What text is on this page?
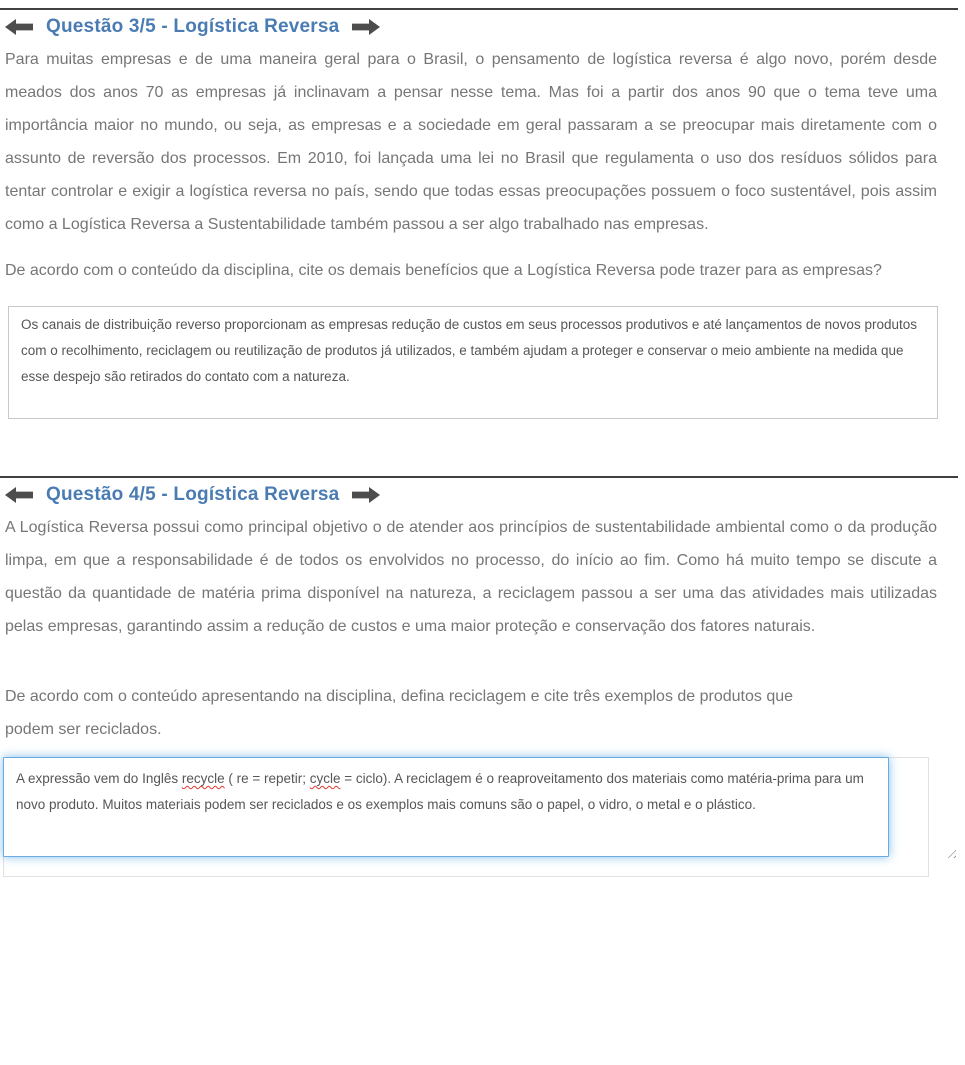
Questão 3/5 - Logística Reversa

Para muitas empresas e de uma maneira geral para o Brasil, o pensamento de logística reversa é algo novo, porém desde meados dos anos 70 as empresas já inclinavam a pensar nesse tema. Mas foi a partir dos anos 90 que o tema teve uma importância maior no mundo, ou seja, as empresas e a sociedade em geral passaram a se preocupar mais diretamente com o assunto de reversão dos processos. Em 2010, foi lançada uma lei no Brasil que regulamenta o uso dos resíduos sólidos para tentar controlar e exigir a logística reversa no país, sendo que todas essas preocupações possuem o foco sustentável, pois assim como a Logística Reversa a Sustentabilidade também passou a ser algo trabalhado nas empresas.

De acordo com o conteúdo da disciplina, cite os demais benefícios que a Logística Reversa pode trazer para as empresas?

Os canais de distribuição reverso proporcionam as empresas redução de custos em seus processos produtivos e até lançamentos de novos produtos com o recolhimento, reciclagem ou reutilização de produtos já utilizados, e também ajudam a proteger e conservar o meio ambiente na medida que esse despejo são retirados do contato com a natureza.
Questão 4/5 - Logística Reversa

A Logística Reversa possui como principal objetivo o de atender aos princípios de sustentabilidade ambiental como o da produção limpa, em que a responsabilidade é de todos os envolvidos no processo, do início ao fim. Como há muito tempo se discute a questão da quantidade de matéria prima disponível na natureza, a reciclagem passou a ser uma das atividades mais utilizadas pelas empresas, garantindo assim a redução de custos e uma maior proteção e conservação dos fatores naturais.

De acordo com o conteúdo apresentando na disciplina, defina reciclagem e cite três exemplos de produtos que podem ser reciclados.

A expressão vem do Inglês recycle ( re = repetir; cycle = ciclo). A reciclagem é o reaproveitamento dos materiais como matéria-prima para um novo produto. Muitos materiais podem ser reciclados e os exemplos mais comuns são o papel, o vidro, o metal e o plástico.
